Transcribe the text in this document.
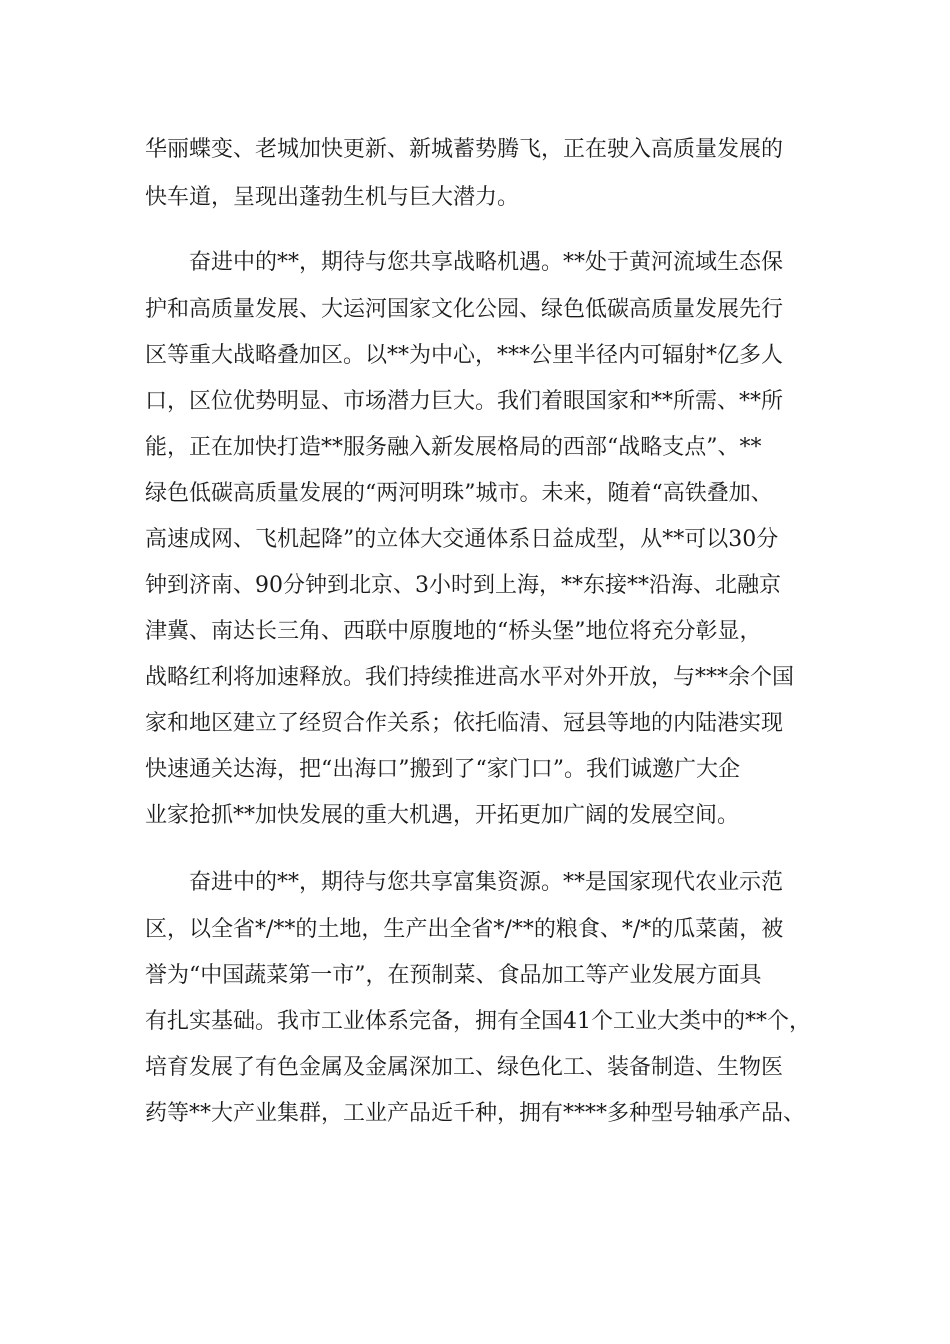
华丽蝶变、老城加快更新、新城蓄势腾飞，正在驶入高质量发展的
快车道，呈现出蓬勃生机与巨大潜力。
奋进中的**，期待与您共享战略机遇。**处于黄河流域生态保
护和高质量发展、大运河国家文化公园、绿色低碳高质量发展先行
区等重大战略叠加区。以**为中心，***公里半径内可辐射*亿多人
口，区位优势明显、市场潜力巨大。我们着眼国家和**所需、**所
能，正在加快打造**服务融入新发展格局的西部“战略支点”、**
绿色低碳高质量发展的“两河明珠”城市。未来，随着“高铁叠加、
高速成网、飞机起降”的立体大交通体系日益成型，从**可以30分
钟到济南、90分钟到北京、3小时到上海，**东接**沿海、北融京
津冀、南达长三角、西联中原腹地的“桥头堡”地位将充分彰显，
战略红利将加速释放。我们持续推进高水平对外开放，与***余个国
家和地区建立了经贸合作关系；依托临清、冠县等地的内陆港实现
快速通关达海，把“出海口”搬到了“家门口”。我们诚邀广大企
业家抢抓**加快发展的重大机遇，开拓更加广阔的发展空间。
奋进中的**，期待与您共享富集资源。**是国家现代农业示范
区，以全省*/**的土地，生产出全省*/**的粮食、*/*的瓜菜菌，被
誉为“中国蔬菜第一市”，在预制菜、食品加工等产业发展方面具
有扎实基础。我市工业体系完备，拥有全国41个工业大类中的**个，
培育发展了有色金属及金属深加工、绿色化工、装备制造、生物医
药等**大产业集群，工业产品近千种，拥有****多种型号轴承产品、
